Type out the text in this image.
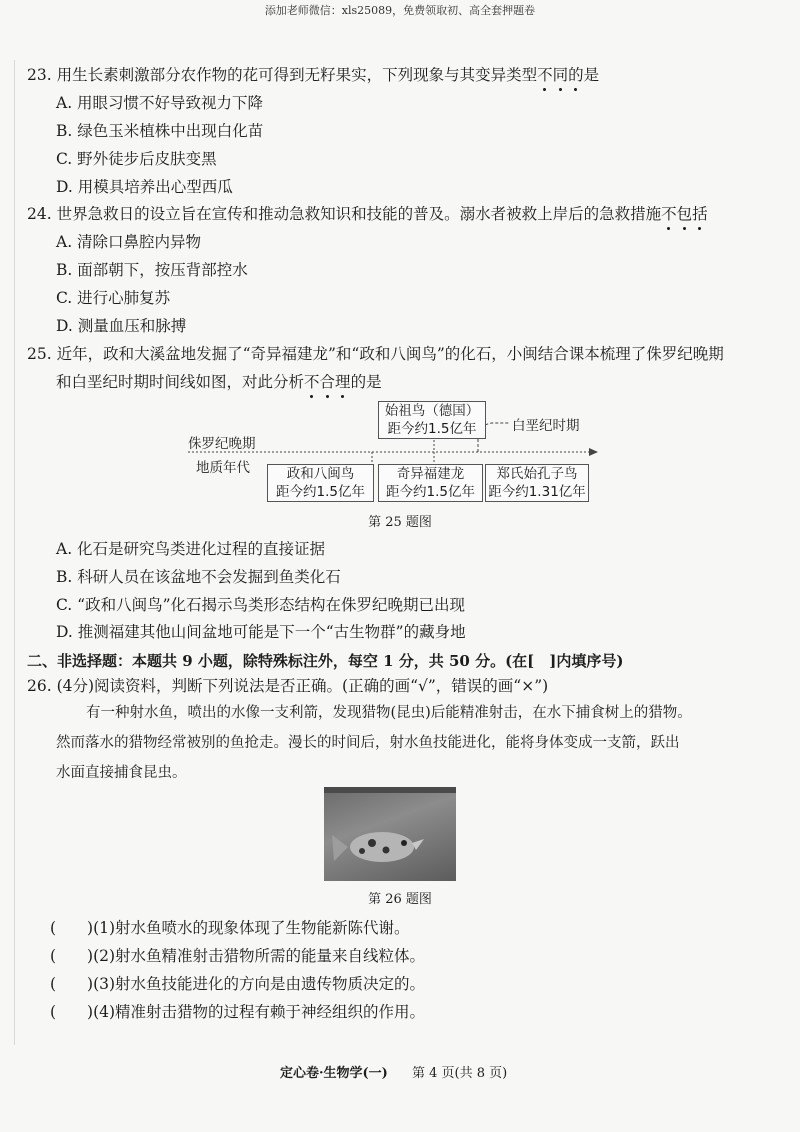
添加老师微信：xls25089，免费领取初、高全套押题卷
23. 用生长素刺激部分农作物的花可得到无籽果实，下列现象与其变异类型不同的是
A. 用眼习惯不好导致视力下降
B. 绿色玉米植株中出现白化苗
C. 野外徒步后皮肤变黑
D. 用模具培养出心型西瓜
24. 世界急救日的设立旨在宣传和推动急救知识和技能的普及。溺水者被救上岸后的急救措施不包括
A. 清除口鼻腔内异物
B. 面部朝下，按压背部控水
C. 进行心肺复苏
D. 测量血压和脉搏
25. 近年，政和大溪盆地发掘了“奇异福建龙”和“政和八闽鸟”的化石，小闽结合课本梳理了侏罗纪晚期
和白垩纪时期时间线如图，对此分析不合理的是
侏罗纪晚期
地质年代
白垩纪时期
始祖鸟（德国）
距今约1.5亿年
政和八闽鸟
距今约1.5亿年
奇异福建龙
距今约1.5亿年
郑氏始孔子鸟
距今约1.31亿年
第 25 题图
A. 化石是研究鸟类进化过程的直接证据
B. 科研人员在该盆地不会发掘到鱼类化石
C. “政和八闽鸟”化石揭示鸟类形态结构在侏罗纪晚期已出现
D. 推测福建其他山间盆地可能是下一个“古生物群”的藏身地
二、非选择题：本题共 9 小题，除特殊标注外，每空 1 分，共 50 分。(在[　]内填序号)
26. (4分)阅读资料，判断下列说法是否正确。(正确的画“√”，错误的画“×”)
有一种射水鱼，喷出的水像一支利箭，发现猎物(昆虫)后能精准射击，在水下捕食树上的猎物。
然而落水的猎物经常被别的鱼抢走。漫长的时间后，射水鱼技能进化，能将身体变成一支箭，跃出
水面直接捕食昆虫。
第 26 题图
(　　)(1)射水鱼喷水的现象体现了生物能新陈代谢。
(　　)(2)射水鱼精准射击猎物所需的能量来自线粒体。
(　　)(3)射水鱼技能进化的方向是由遗传物质决定的。
(　　)(4)精准射击猎物的过程有赖于神经组织的作用。
定心卷·生物学(一) 第 4 页(共 8 页)
